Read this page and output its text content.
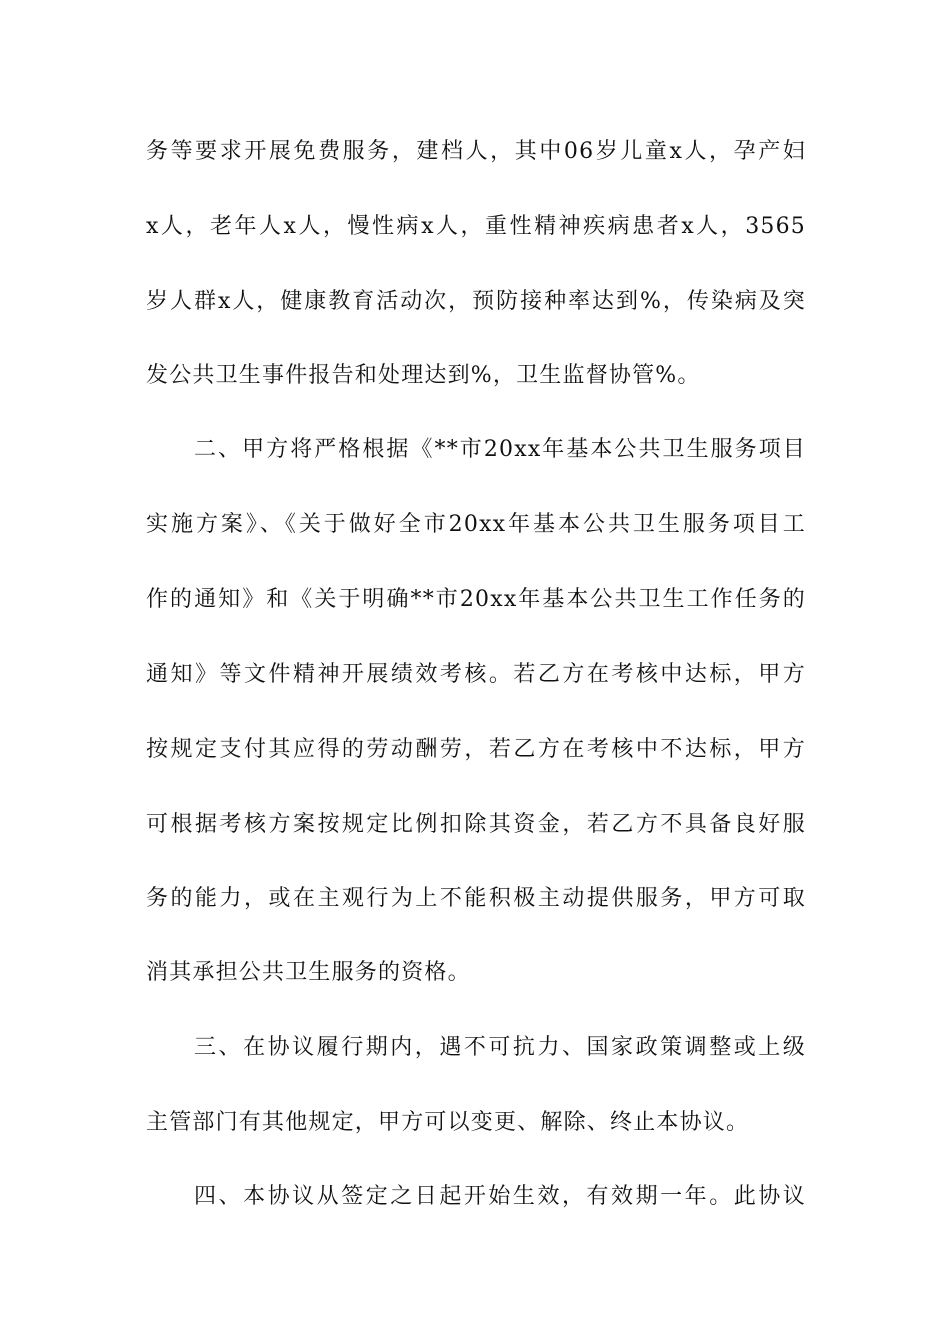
务等要求开展免费服务，建档人，其中06岁儿童x人，孕产妇
x人，老年人x人，慢性病x人，重性精神疾病患者x人，3565
岁人群x人，健康教育活动次，预防接种率达到%，传染病及突
发公共卫生事件报告和处理达到%，卫生监督协管%。
二、甲方将严格根据《**市20xx年基本公共卫生服务项目
实施方案》、《关于做好全市20xx年基本公共卫生服务项目工
作的通知》和《关于明确**市20xx年基本公共卫生工作任务的
通知》等文件精神开展绩效考核。若乙方在考核中达标，甲方
按规定支付其应得的劳动酬劳，若乙方在考核中不达标，甲方
可根据考核方案按规定比例扣除其资金，若乙方不具备良好服
务的能力，或在主观行为上不能积极主动提供服务，甲方可取
消其承担公共卫生服务的资格。
三、在协议履行期内，遇不可抗力、国家政策调整或上级
主管部门有其他规定，甲方可以变更、解除、终止本协议。
四、本协议从签定之日起开始生效，有效期一年。此协议
